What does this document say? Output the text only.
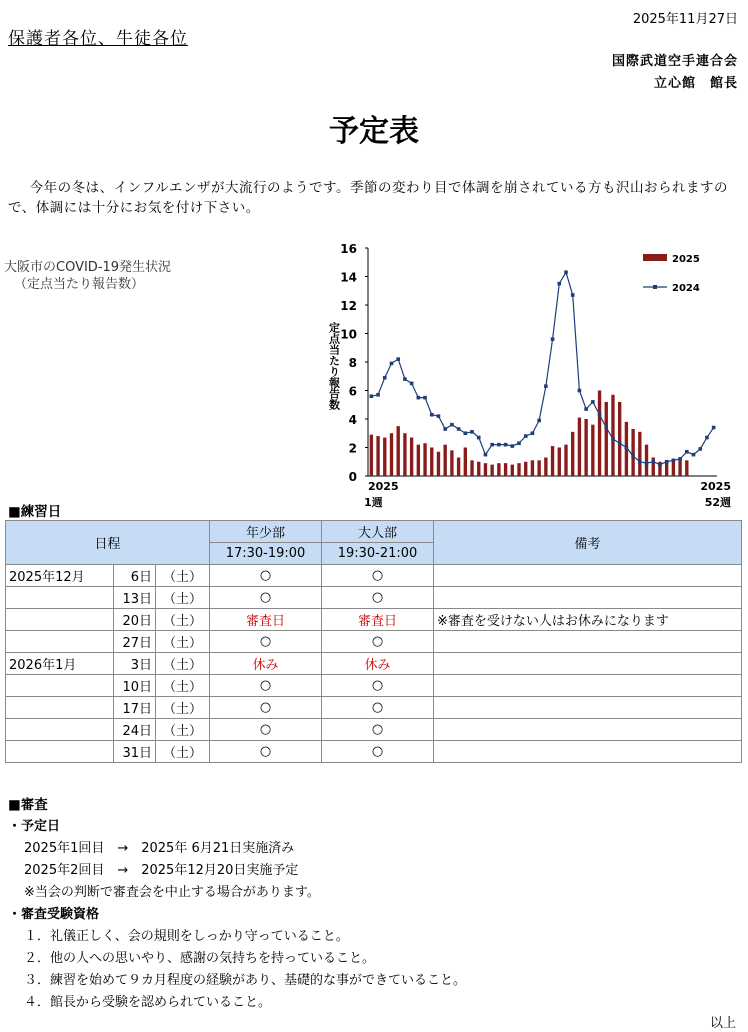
2025年11月27日
保護者各位、牛徒各位
国際武道空手連合会
立心館　館長
予定表
今年の冬は、インフルエンザが大流行のようです。季節の変わり目で体調を崩されている方も沢山おられますので、体調には十分にお気を付け下さい。
大阪市のCOVID-19発生状況
（定点当たり報告数）
0
2
4
6
8
10
12
14
16
定点当たり報告数
2025
1週
2025
52週
2025
2024
■練習日
日程			年少部	大人部	備考
			17:30-19:00	19:30-21:00	
2025年12月	6日	（土）	○	○	
	13日	（土）	○	○	
	20日	（土）	審査日	審査日	※審査を受けない人はお休みになります
	27日	（土）	○	○	
2026年1月	3日	（土）	休み	休み	
	10日	（土）	○	○	
	17日	（土）	○	○	
	24日	（土）	○	○	
	31日	（土）	○	○	
■審査
・予定日
2025年1回目　→　2025年 6月21日実施済み
2025年2回目　→　2025年12月20日実施予定
※当会の判断で審査会を中止する場合があります。
・審査受験資格
１．礼儀正しく、会の規則をしっかり守っていること。
２．他の人への思いやり、感謝の気持ちを持っていること。
３．練習を始めて９カ月程度の経験があり、基礎的な事ができていること。
４．館長から受験を認められていること。
以上
